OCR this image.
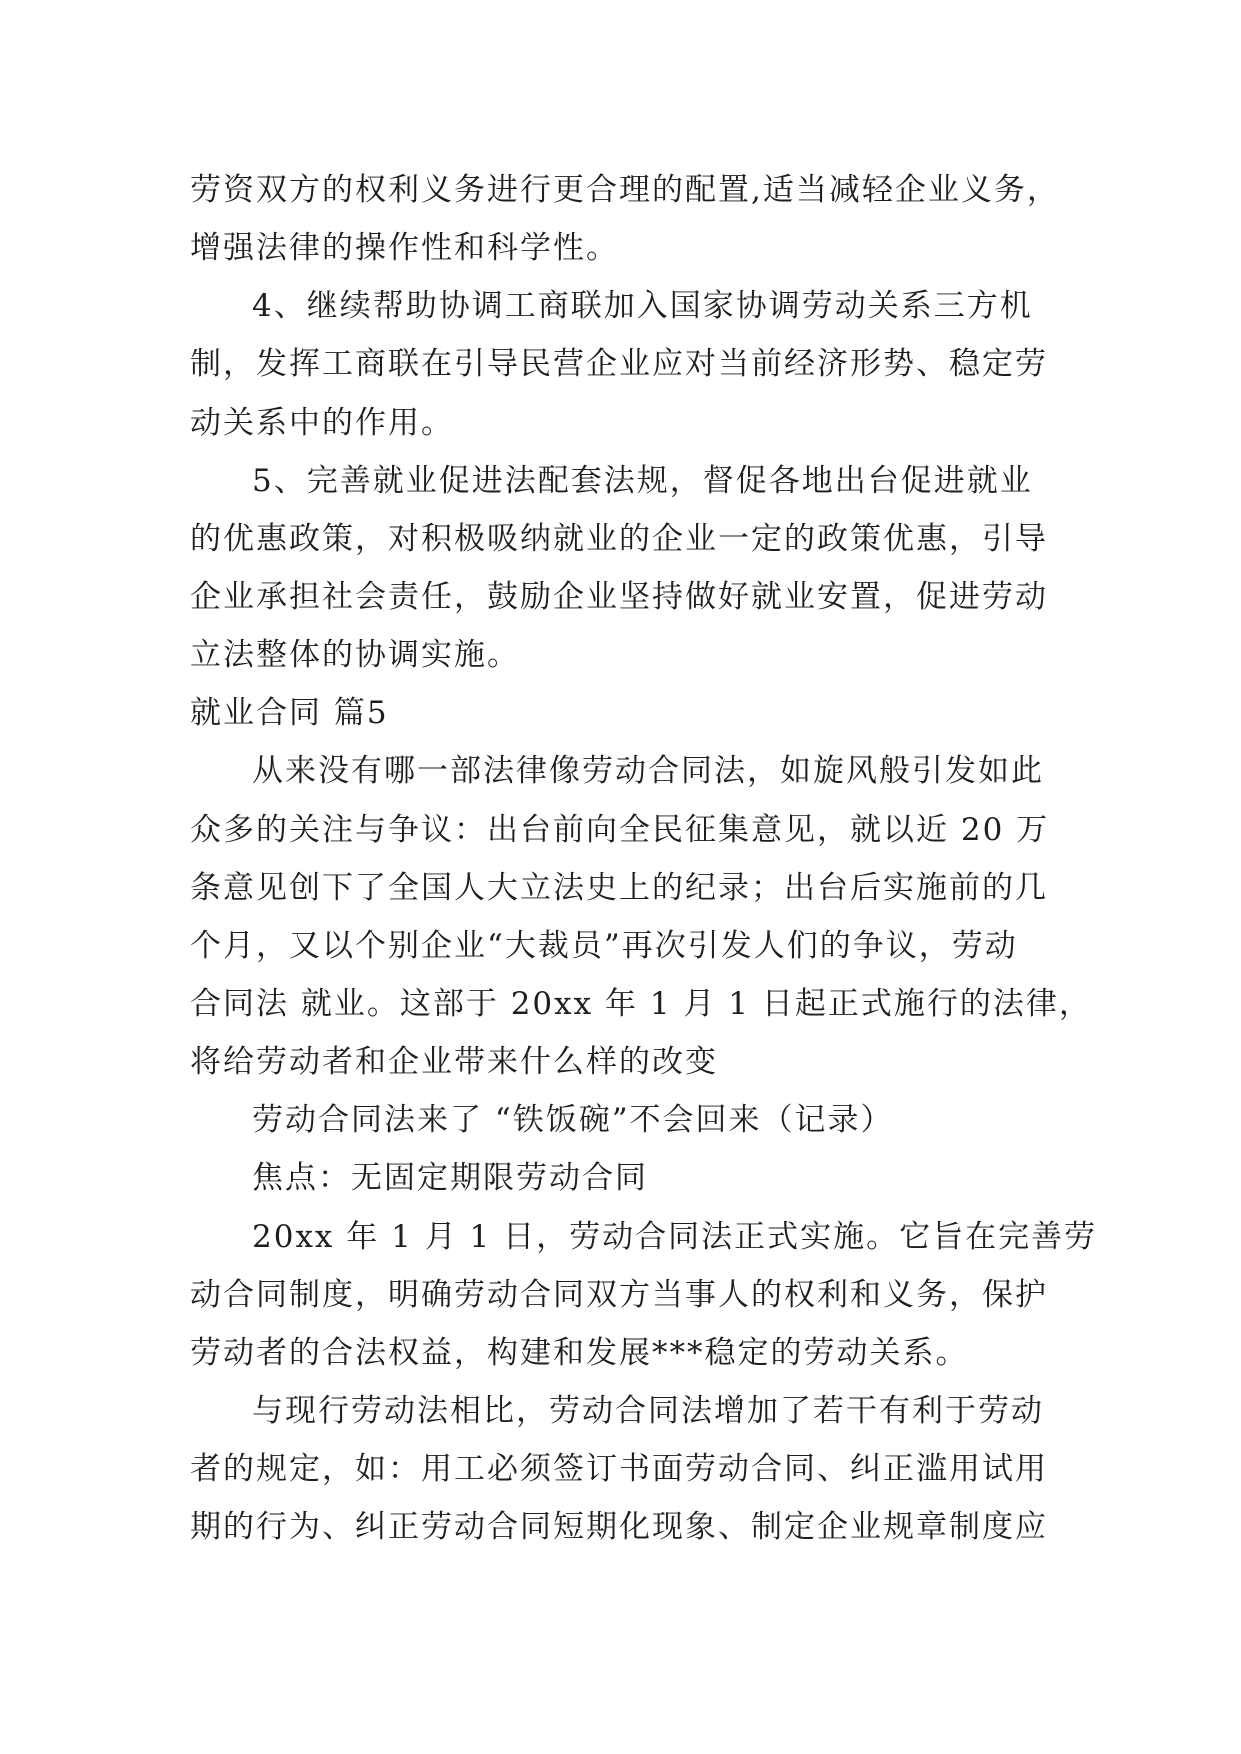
劳资双方的权利义务进行更合理的配置,适当减轻企业义务，
增强法律的操作性和科学性。
4、继续帮助协调工商联加入国家协调劳动关系三方机
制，发挥工商联在引导民营企业应对当前经济形势、稳定劳
动关系中的作用。
5、完善就业促进法配套法规，督促各地出台促进就业
的优惠政策，对积极吸纳就业的企业一定的政策优惠，引导
企业承担社会责任，鼓励企业坚持做好就业安置，促进劳动
立法整体的协调实施。
就业合同 篇5
从来没有哪一部法律像劳动合同法，如旋风般引发如此
众多的关注与争议：出台前向全民征集意见，就以近 20 万
条意见创下了全国人大立法史上的纪录；出台后实施前的几
个月，又以个别企业“大裁员”再次引发人们的争议，劳动
合同法 就业。这部于 20xx 年 1 月 1 日起正式施行的法律，
将给劳动者和企业带来什么样的改变
劳动合同法来了 “铁饭碗”不会回来（记录）
焦点：无固定期限劳动合同
20xx 年 1 月 1 日，劳动合同法正式实施。它旨在完善劳
动合同制度，明确劳动合同双方当事人的权利和义务，保护
劳动者的合法权益，构建和发展***稳定的劳动关系。
与现行劳动法相比，劳动合同法增加了若干有利于劳动
者的规定，如：用工必须签订书面劳动合同、纠正滥用试用
期的行为、纠正劳动合同短期化现象、制定企业规章制度应
